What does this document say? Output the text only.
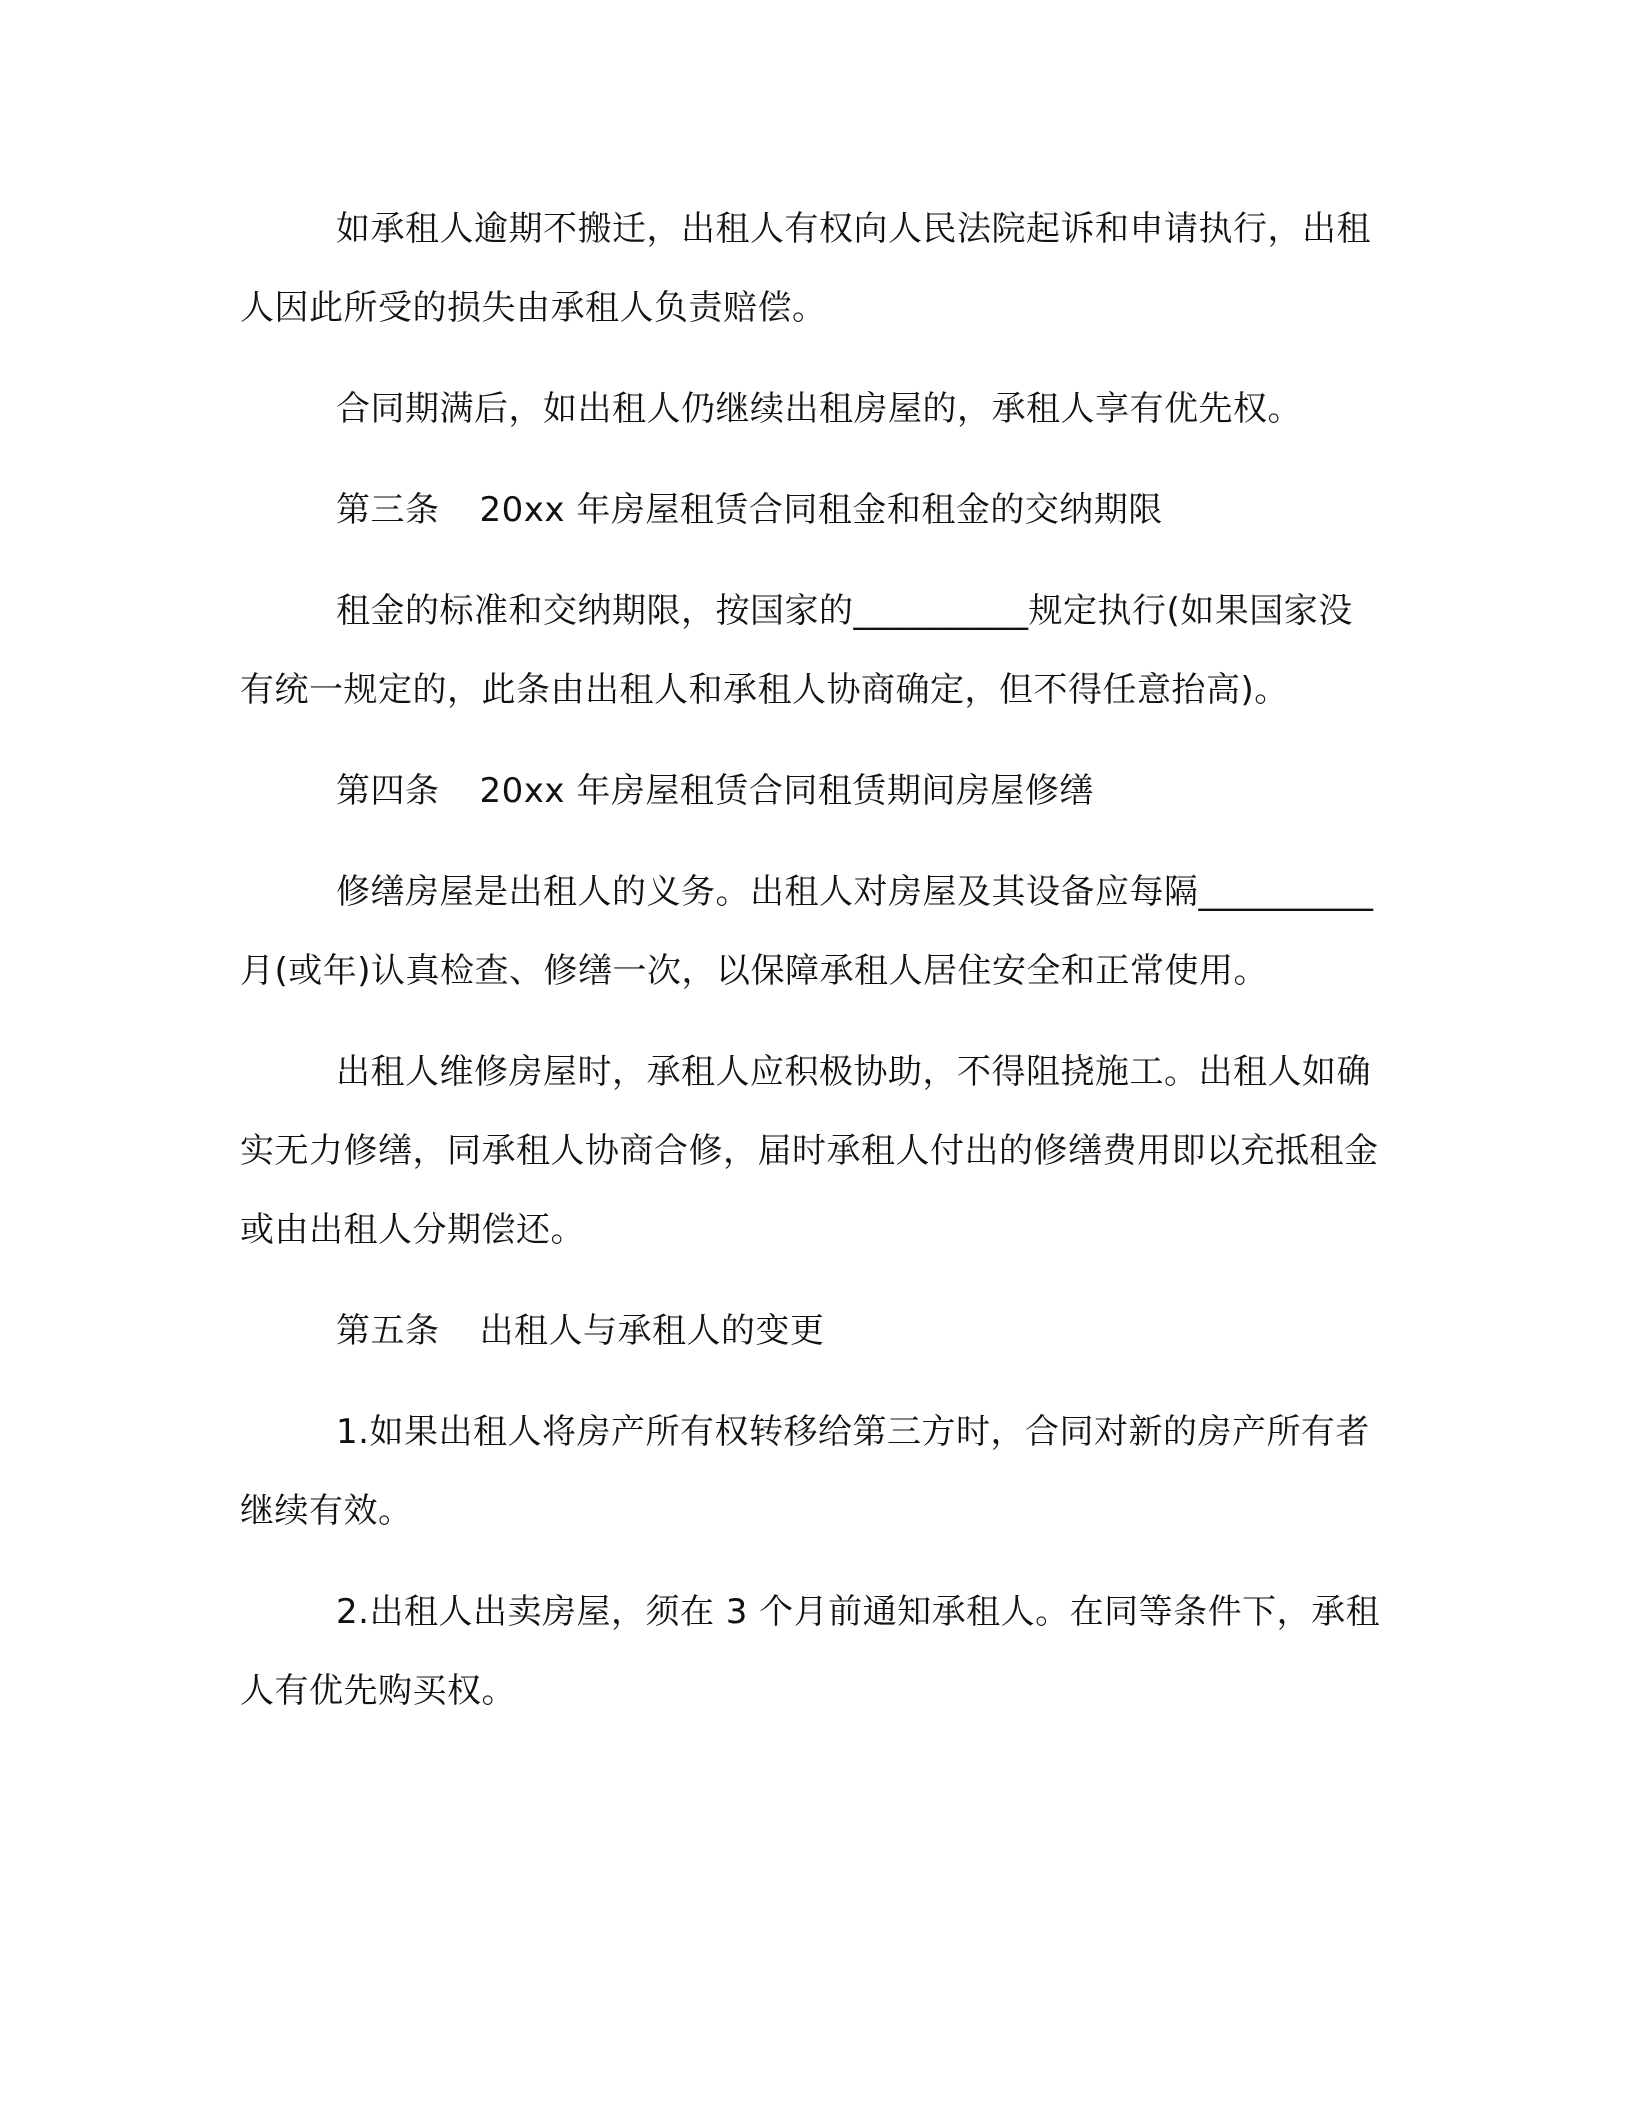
如承租人逾期不搬迁，出租人有权向人民法院起诉和申请执行，出租人因此所受的损失由承租人负责赔偿。

合同期满后，如出租人仍继续出租房屋的，承租人享有优先权。

第三条 20xx 年房屋租赁合同租金和租金的交纳期限

租金的标准和交纳期限，按国家的__________规定执行(如果国家没有统一规定的，此条由出租人和承租人协商确定，但不得任意抬高)。

第四条 20xx 年房屋租赁合同租赁期间房屋修缮

修缮房屋是出租人的义务。出租人对房屋及其设备应每隔__________月(或年)认真检查、修缮一次，以保障承租人居住安全和正常使用。

出租人维修房屋时，承租人应积极协助，不得阻挠施工。出租人如确实无力修缮，同承租人协商合修，届时承租人付出的修缮费用即以充抵租金或由出租人分期偿还。

第五条 出租人与承租人的变更

1.如果出租人将房产所有权转移给第三方时，合同对新的房产所有者继续有效。

2.出租人出卖房屋，须在 3 个月前通知承租人。在同等条件下，承租人有优先购买权。
